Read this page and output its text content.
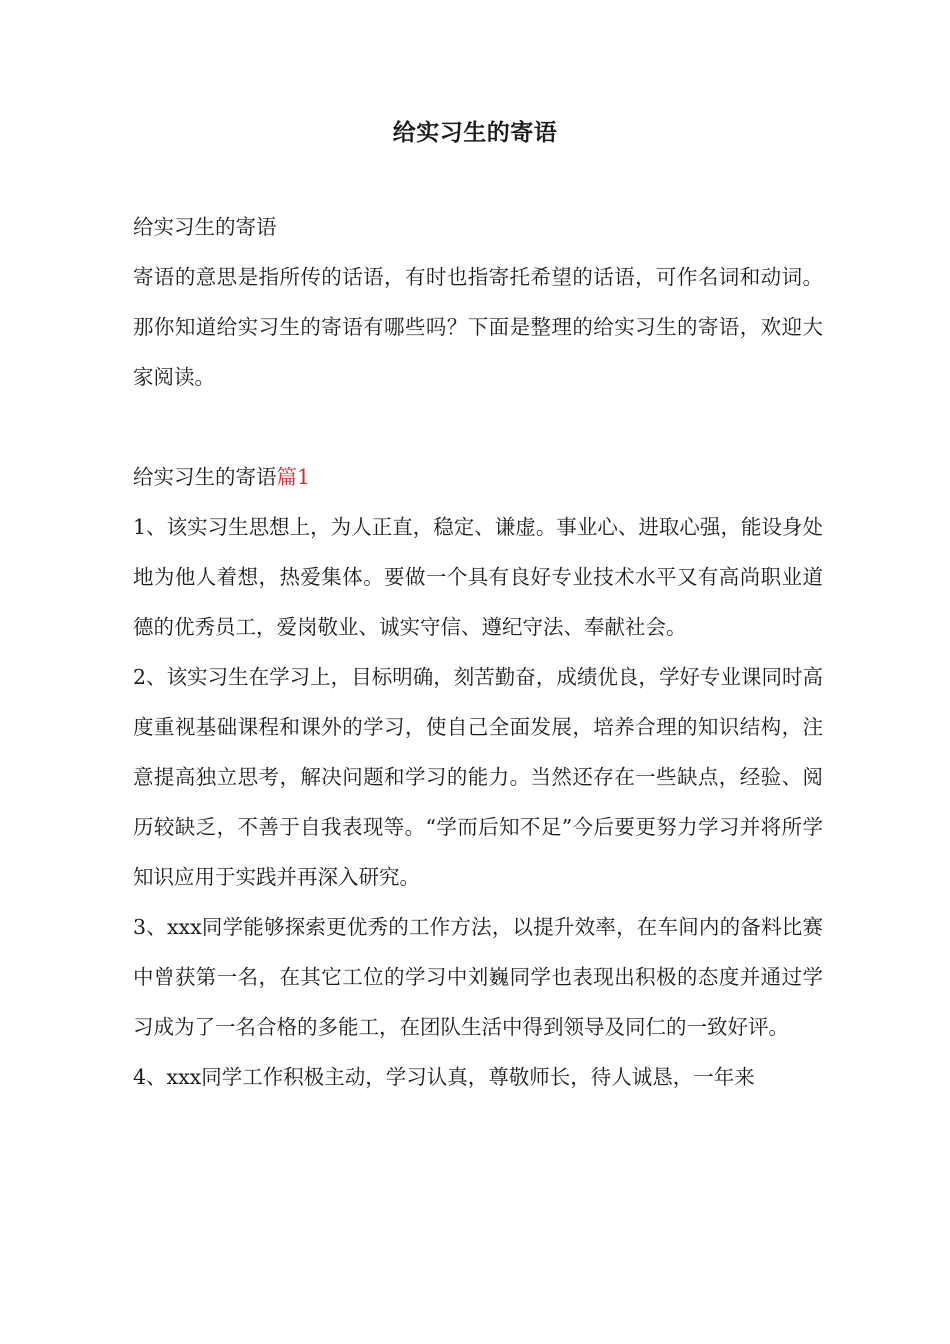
给实习生的寄语
给实习生的寄语

寄语的意思是指所传的话语，有时也指寄托希望的话语，可作名词和动词。那你知道给实习生的寄语有哪些吗？下面是整理的给实习生的寄语，欢迎大家阅读。

给实习生的寄语篇1

1、该实习生思想上，为人正直，稳定、谦虚。事业心、进取心强，能设身处地为他人着想，热爱集体。要做一个具有良好专业技术水平又有高尚职业道德的优秀员工，爱岗敬业、诚实守信、遵纪守法、奉献社会。

2、该实习生在学习上，目标明确，刻苦勤奋，成绩优良，学好专业课同时高度重视基础课程和课外的学习，使自己全面发展，培养合理的知识结构，注意提高独立思考，解决问题和学习的能力。当然还存在一些缺点，经验、阅历较缺乏，不善于自我表现等。“学而后知不足”今后要更努力学习并将所学知识应用于实践并再深入研究。

3、xxx同学能够探索更优秀的工作方法，以提升效率，在车间内的备料比赛中曾获第一名，在其它工位的学习中刘巍同学也表现出积极的态度并通过学习成为了一名合格的多能工，在团队生活中得到领导及同仁的一致好评。

4、xxx同学工作积极主动，学习认真，尊敬师长，待人诚恳，一年来
